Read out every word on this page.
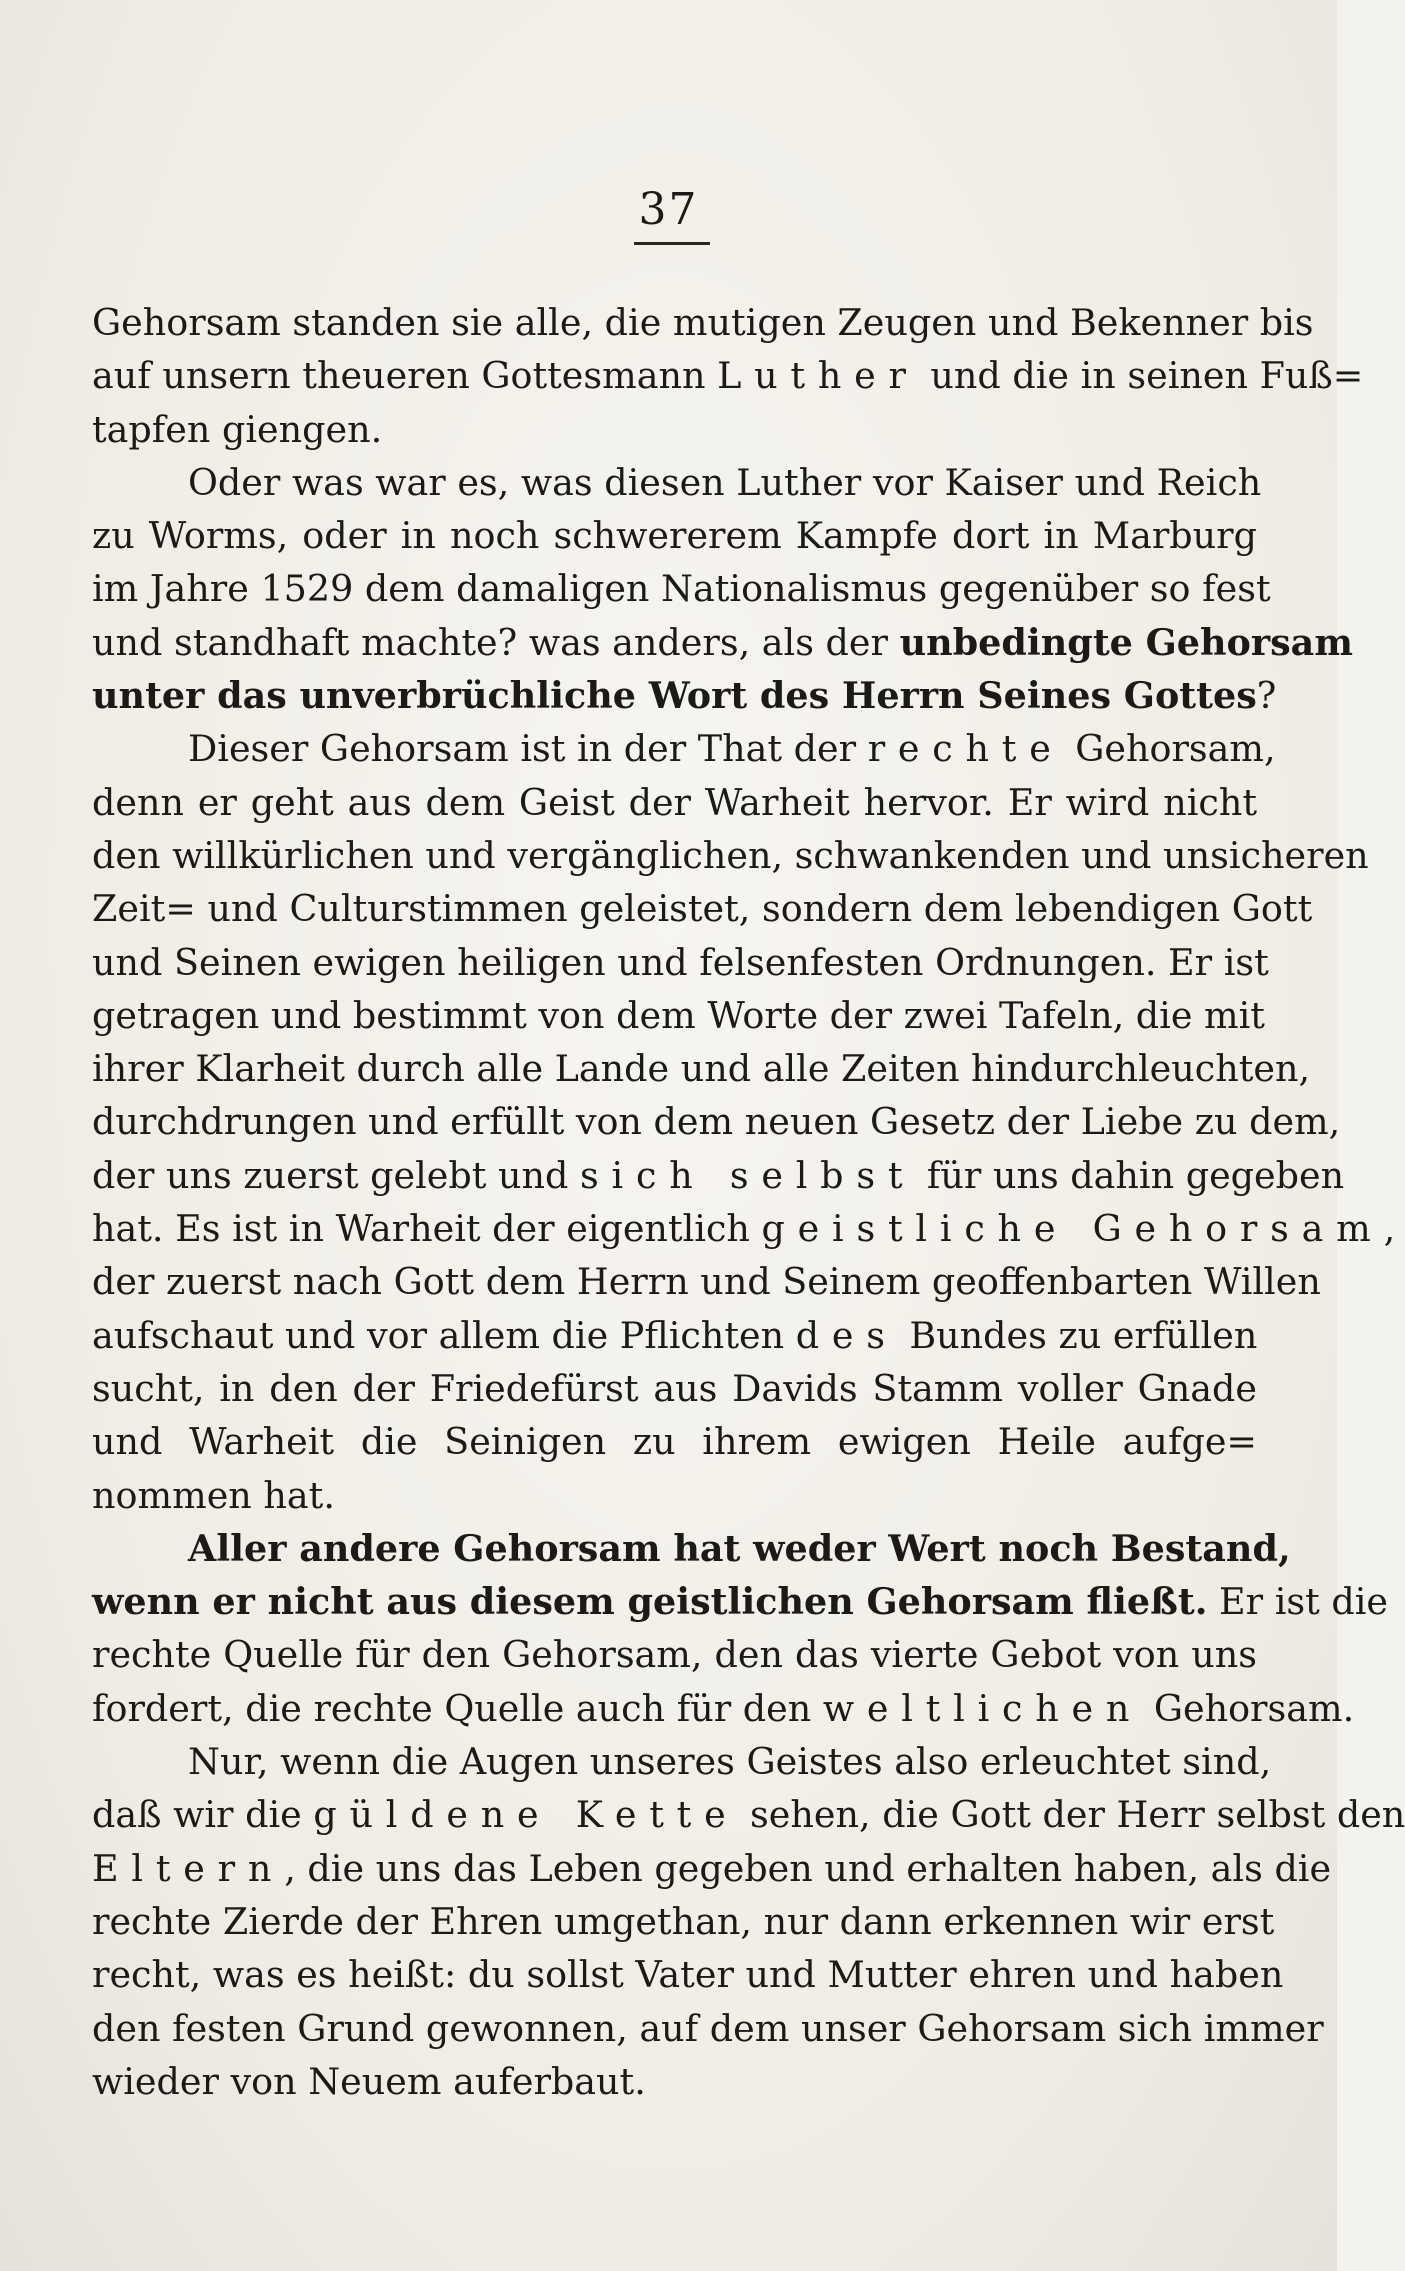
37
Gehorsam standen sie alle, die mutigen Zeugen und Bekenner bis
auf unsern theueren Gottesmann Luther und die in seinen Fuß=
tapfen giengen.
Oder was war es, was diesen Luther vor Kaiser und Reich
zu Worms, oder in noch schwererem Kampfe dort in Marburg
im Jahre 1529 dem damaligen Nationalismus gegenüber so fest
und standhaft machte? was anders, als der unbedingte Gehorsam
unter das unverbrüchliche Wort des Herrn Seines Gottes?
Dieser Gehorsam ist in der That der rechte Gehorsam,
denn er geht aus dem Geist der Warheit hervor. Er wird nicht
den willkürlichen und vergänglichen, schwankenden und unsicheren
Zeit= und Culturstimmen geleistet, sondern dem lebendigen Gott
und Seinen ewigen heiligen und felsenfesten Ordnungen. Er ist
getragen und bestimmt von dem Worte der zwei Tafeln, die mit
ihrer Klarheit durch alle Lande und alle Zeiten hindurchleuchten,
durchdrungen und erfüllt von dem neuen Gesetz der Liebe zu dem,
der uns zuerst gelebt und sich selbst für uns dahin gegeben
hat. Es ist in Warheit der eigentlich geistliche Gehorsam,
der zuerst nach Gott dem Herrn und Seinem geoffenbarten Willen
aufschaut und vor allem die Pflichten des Bundes zu erfüllen
sucht, in den der Friedefürst aus Davids Stamm voller Gnade
und Warheit die Seinigen zu ihrem ewigen Heile aufge=
nommen hat.
Aller andere Gehorsam hat weder Wert noch Bestand,
wenn er nicht aus diesem geistlichen Gehorsam fließt. Er ist die
rechte Quelle für den Gehorsam, den das vierte Gebot von uns
fordert, die rechte Quelle auch für den weltlichen Gehorsam.
Nur, wenn die Augen unseres Geistes also erleuchtet sind,
daß wir die güldene Kette sehen, die Gott der Herr selbst den
Eltern, die uns das Leben gegeben und erhalten haben, als die
rechte Zierde der Ehren umgethan, nur dann erkennen wir erst
recht, was es heißt: du sollst Vater und Mutter ehren und haben
den festen Grund gewonnen, auf dem unser Gehorsam sich immer
wieder von Neuem auferbaut.
